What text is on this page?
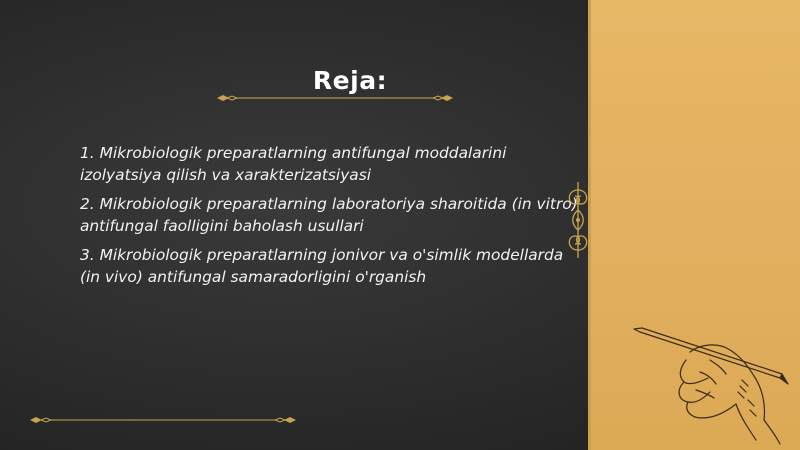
Reja:
1. Mikrobiologik preparatlarning antifungal moddalarini izolyatsiya qilish va xarakterizatsiyasi
2. Mikrobiologik preparatlarning laboratoriya sharoitida (in vitro) antifungal faolligini baholash usullari
3. Mikrobiologik preparatlarning jonivor va o'simlik modellarda (in vivo) antifungal samaradorligini o'rganish
